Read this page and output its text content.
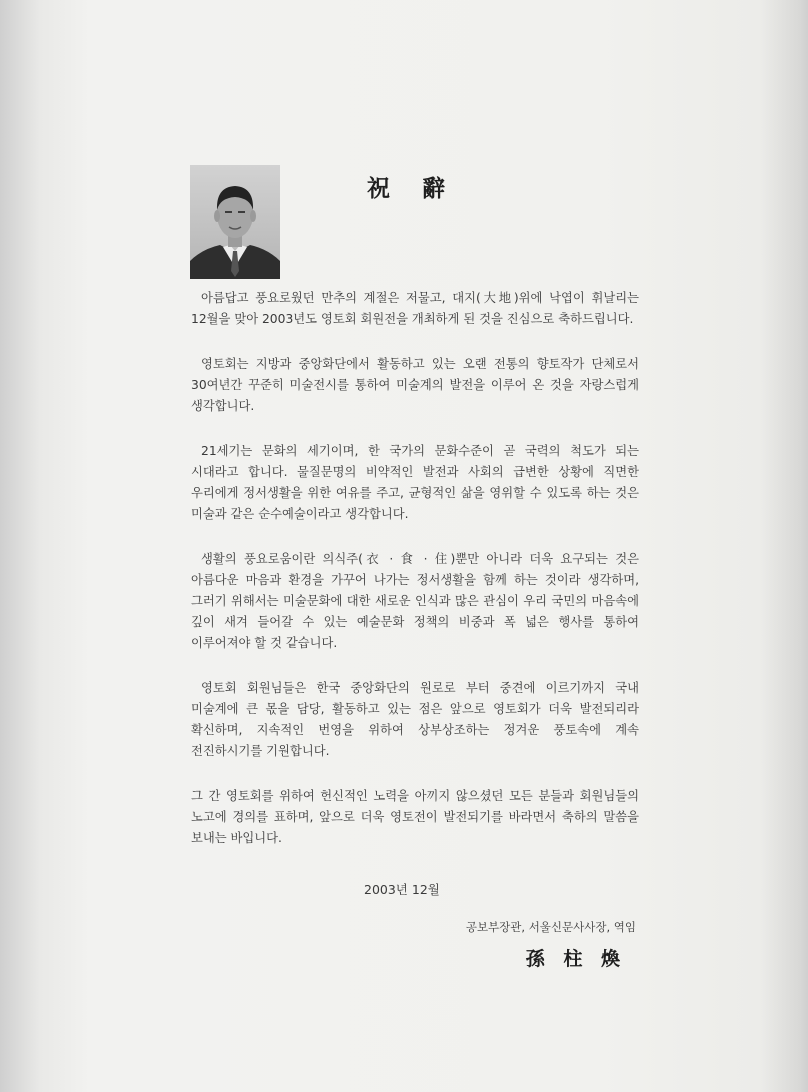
祝 辭

아름답고 풍요로웠던 만추의 계절은 저물고, 대지(大地)위에 낙엽이 휘날리는 12월을 맞아 2003년도 영토회 회원전을 개최하게 된 것을 진심으로 축하드립니다.

영토회는 지방과 중앙화단에서 활동하고 있는 오랜 전통의 향토작가 단체로서 30여년간 꾸준히 미술전시를 통하여 미술계의 발전을 이루어 온 것을 자랑스럽게 생각합니다.

21세기는 문화의 세기이며, 한 국가의 문화수준이 곧 국력의 척도가 되는 시대라고 합니다. 물질문명의 비약적인 발전과 사회의 급변한 상황에 직면한 우리에게 정서생활을 위한 여유를 주고, 균형적인 삶을 영위할 수 있도록 하는 것은 미술과 같은 순수예술이라고 생각합니다.

생활의 풍요로움이란 의식주(衣 · 食 · 住)뿐만 아니라 더욱 요구되는 것은 아름다운 마음과 환경을 가꾸어 나가는 정서생활을 함께 하는 것이라 생각하며, 그러기 위해서는 미술문화에 대한 새로운 인식과 많은 관심이 우리 국민의 마음속에 깊이 새겨 들어갈 수 있는 예술문화 정책의 비중과 폭 넓은 행사를 통하여 이루어져야 할 것 같습니다.

영토회 회원님들은 한국 중앙화단의 원로로 부터 중견에 이르기까지 국내 미술계에 큰 몫을 담당, 활동하고 있는 점은 앞으로 영토회가 더욱 발전되리라 확신하며, 지속적인 번영을 위하여 상부상조하는 정겨운 풍토속에 계속 전진하시기를 기원합니다.

그 간 영토회를 위하여 헌신적인 노력을 아끼지 않으셨던 모든 분들과 회원님들의 노고에 경의를 표하며, 앞으로 더욱 영토전이 발전되기를 바라면서 축하의 말씀을 보내는 바입니다.

2003년 12월
공보부장관, 서울신문사사장, 역임
孫 柱 煥
